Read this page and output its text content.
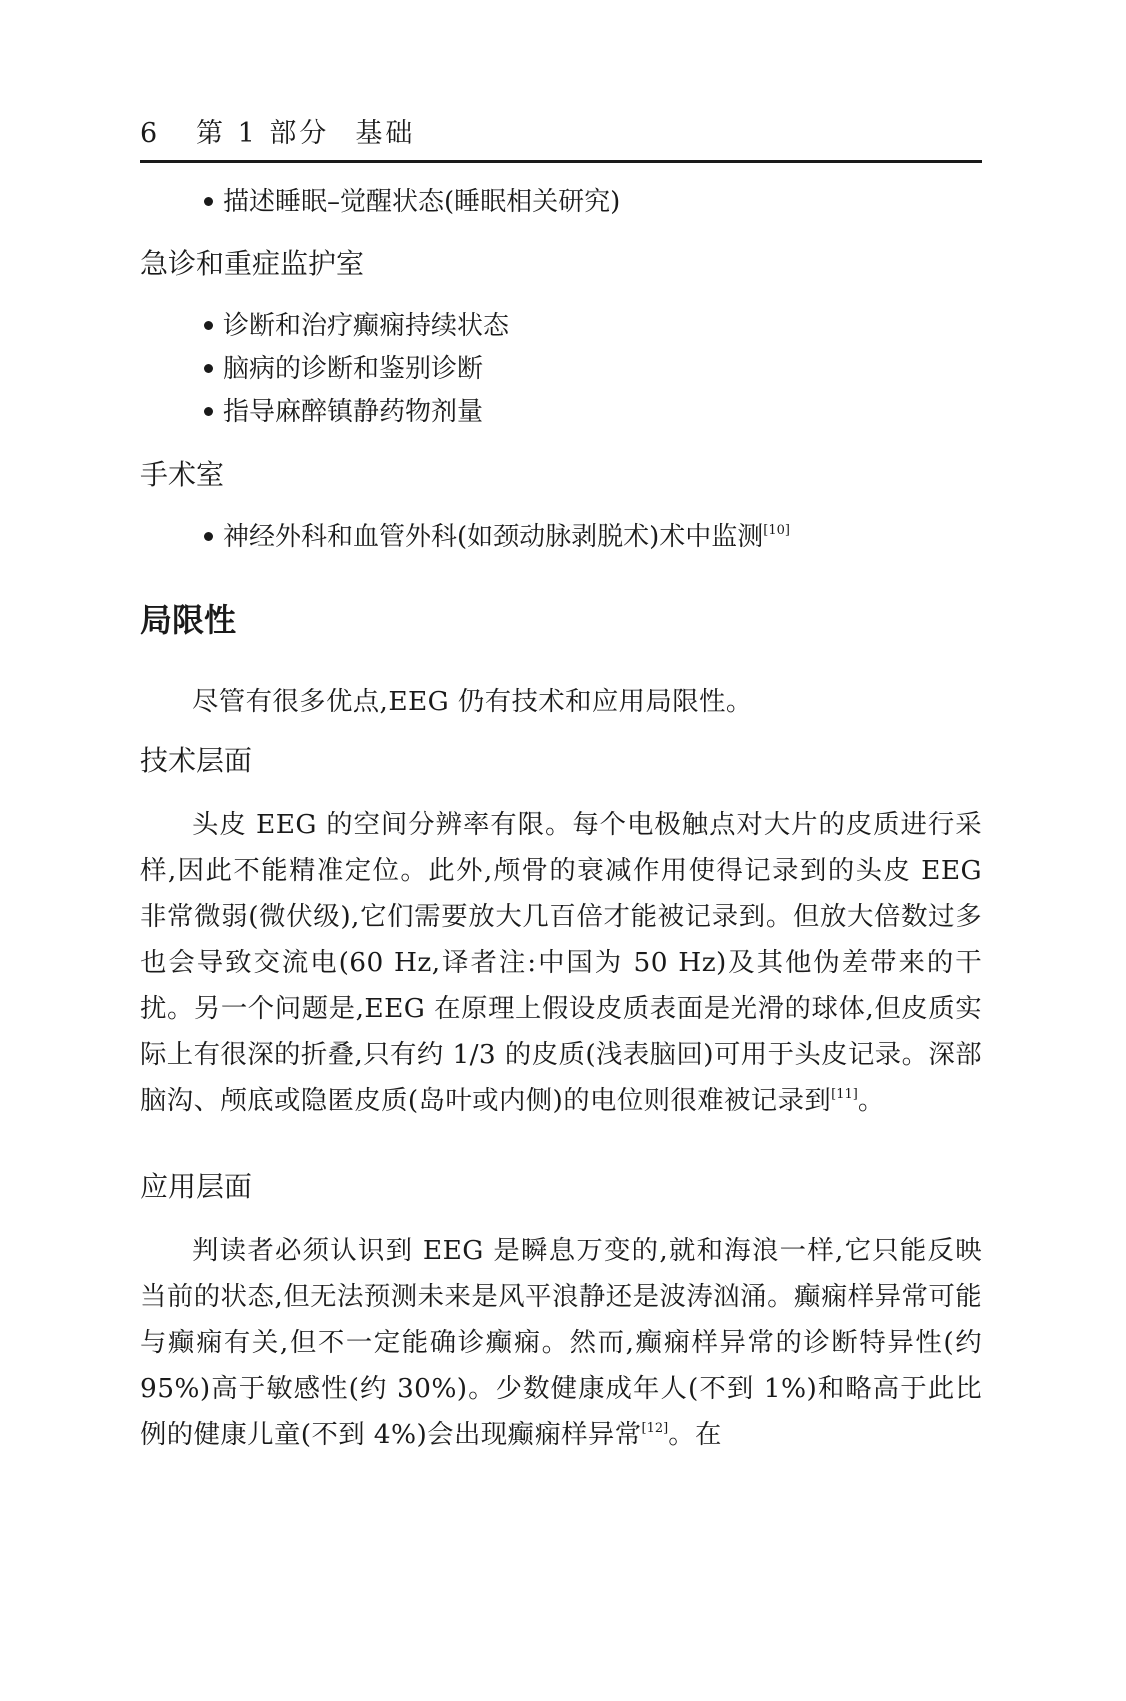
6 第 1 部分 基础
描述睡眠–觉醒状态(睡眠相关研究)
急诊和重症监护室
诊断和治疗癫痫持续状态
脑病的诊断和鉴别诊断
指导麻醉镇静药物剂量
手术室
神经外科和血管外科(如颈动脉剥脱术)术中监测[10]
局限性
尽管有很多优点,EEG 仍有技术和应用局限性。
技术层面
头皮 EEG 的空间分辨率有限。每个电极触点对大片的皮质进行采样,因此不能精准定位。此外,颅骨的衰减作用使得记录到的头皮 EEG 非常微弱(微伏级),它们需要放大几百倍才能被记录到。但放大倍数过多也会导致交流电(60 Hz,译者注:中国为 50 Hz)及其他伪差带来的干扰。另一个问题是,EEG 在原理上假设皮质表面是光滑的球体,但皮质实际上有很深的折叠,只有约 1/3 的皮质(浅表脑回)可用于头皮记录。深部脑沟、颅底或隐匿皮质(岛叶或内侧)的电位则很难被记录到[11]。
应用层面
判读者必须认识到 EEG 是瞬息万变的,就和海浪一样,它只能反映当前的状态,但无法预测未来是风平浪静还是波涛汹涌。癫痫样异常可能与癫痫有关,但不一定能确诊癫痫。然而,癫痫样异常的诊断特异性(约 95%)高于敏感性(约 30%)。少数健康成年人(不到 1%)和略高于此比例的健康儿童(不到 4%)会出现癫痫样异常[12]。在
